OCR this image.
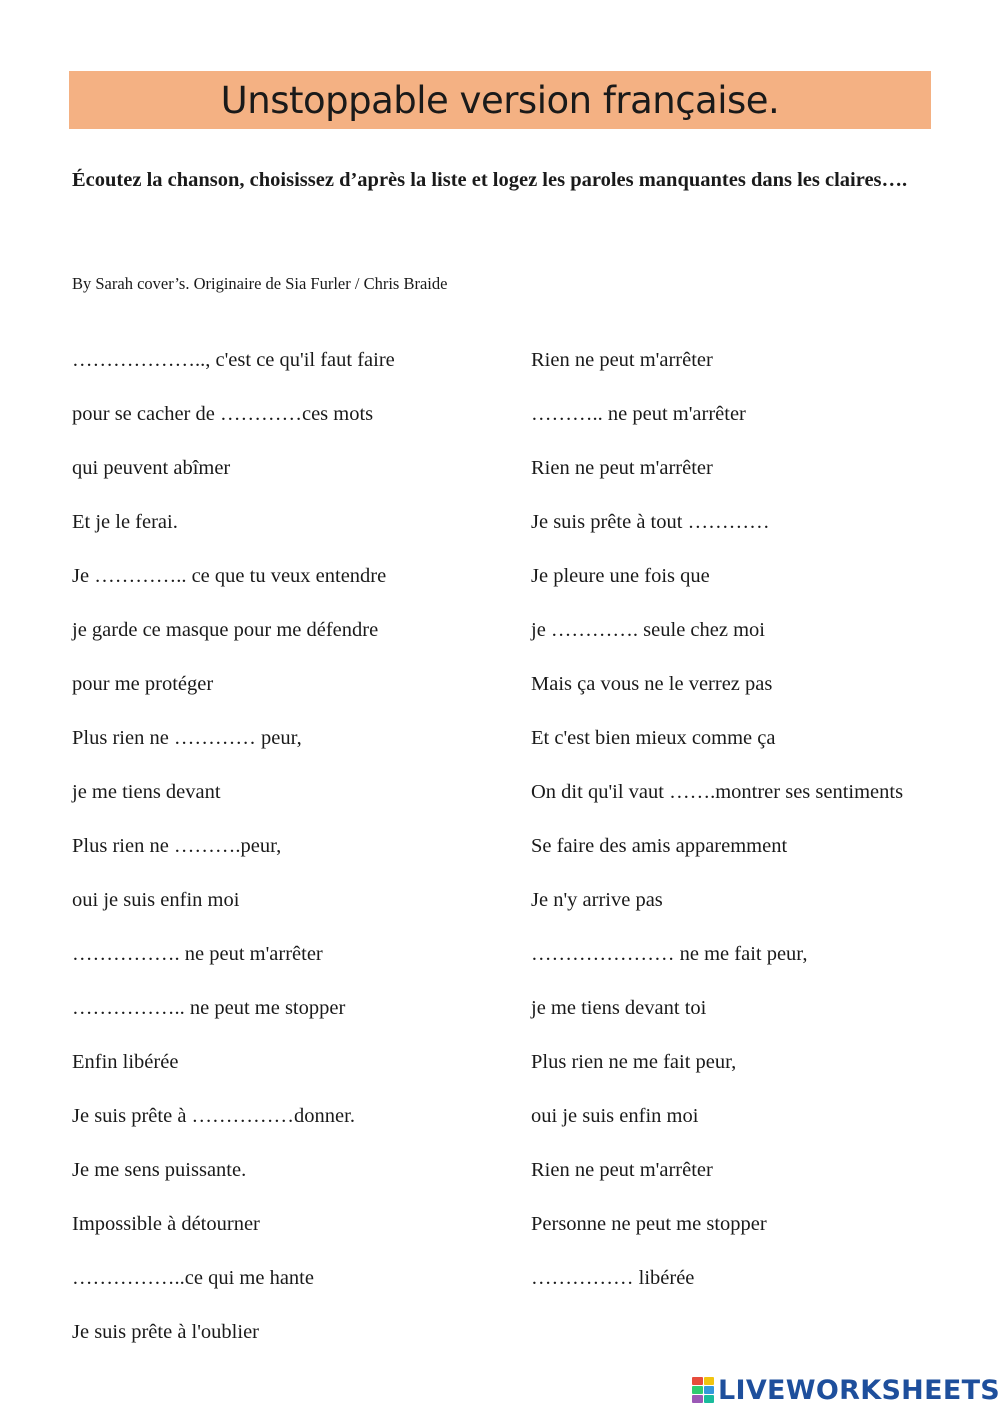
Unstoppable version française.

Écoutez la chanson, choisissez d’après la liste et logez les paroles manquantes dans les claires….

By Sarah cover’s. Originaire de Sia Furler / Chris Braide

……………….., c'est ce qu'il faut faire
pour se cacher de …………ces mots
qui peuvent abîmer
Et je le ferai.
Je ………….. ce que tu veux entendre
je garde ce masque pour me défendre
pour me protéger
Plus rien ne ………… peur,
je me tiens devant
Plus rien ne ……….peur,
oui je suis enfin moi
……………. ne peut m'arrêter
…………….. ne peut me stopper
Enfin libérée
Je suis prête à ……………donner.
Je me sens puissante.
Impossible à détourner
……………..ce qui me hante
Je suis prête à l'oublier
Rien ne peut m'arrêter
……….. ne peut m'arrêter
Rien ne peut m'arrêter
Je suis prête à tout …………
Je pleure une fois que
je …………. seule chez moi
Mais ça vous ne le verrez pas
Et c'est bien mieux comme ça
On dit qu'il vaut …….montrer ses sentiments
Se faire des amis apparemment
Je n'y arrive pas
………………… ne me fait peur,
je me tiens devant toi
Plus rien ne me fait peur,
oui je suis enfin moi
Rien ne peut m'arrêter
Personne ne peut me stopper
…………… libérée
LIVEWORKSHEETS
